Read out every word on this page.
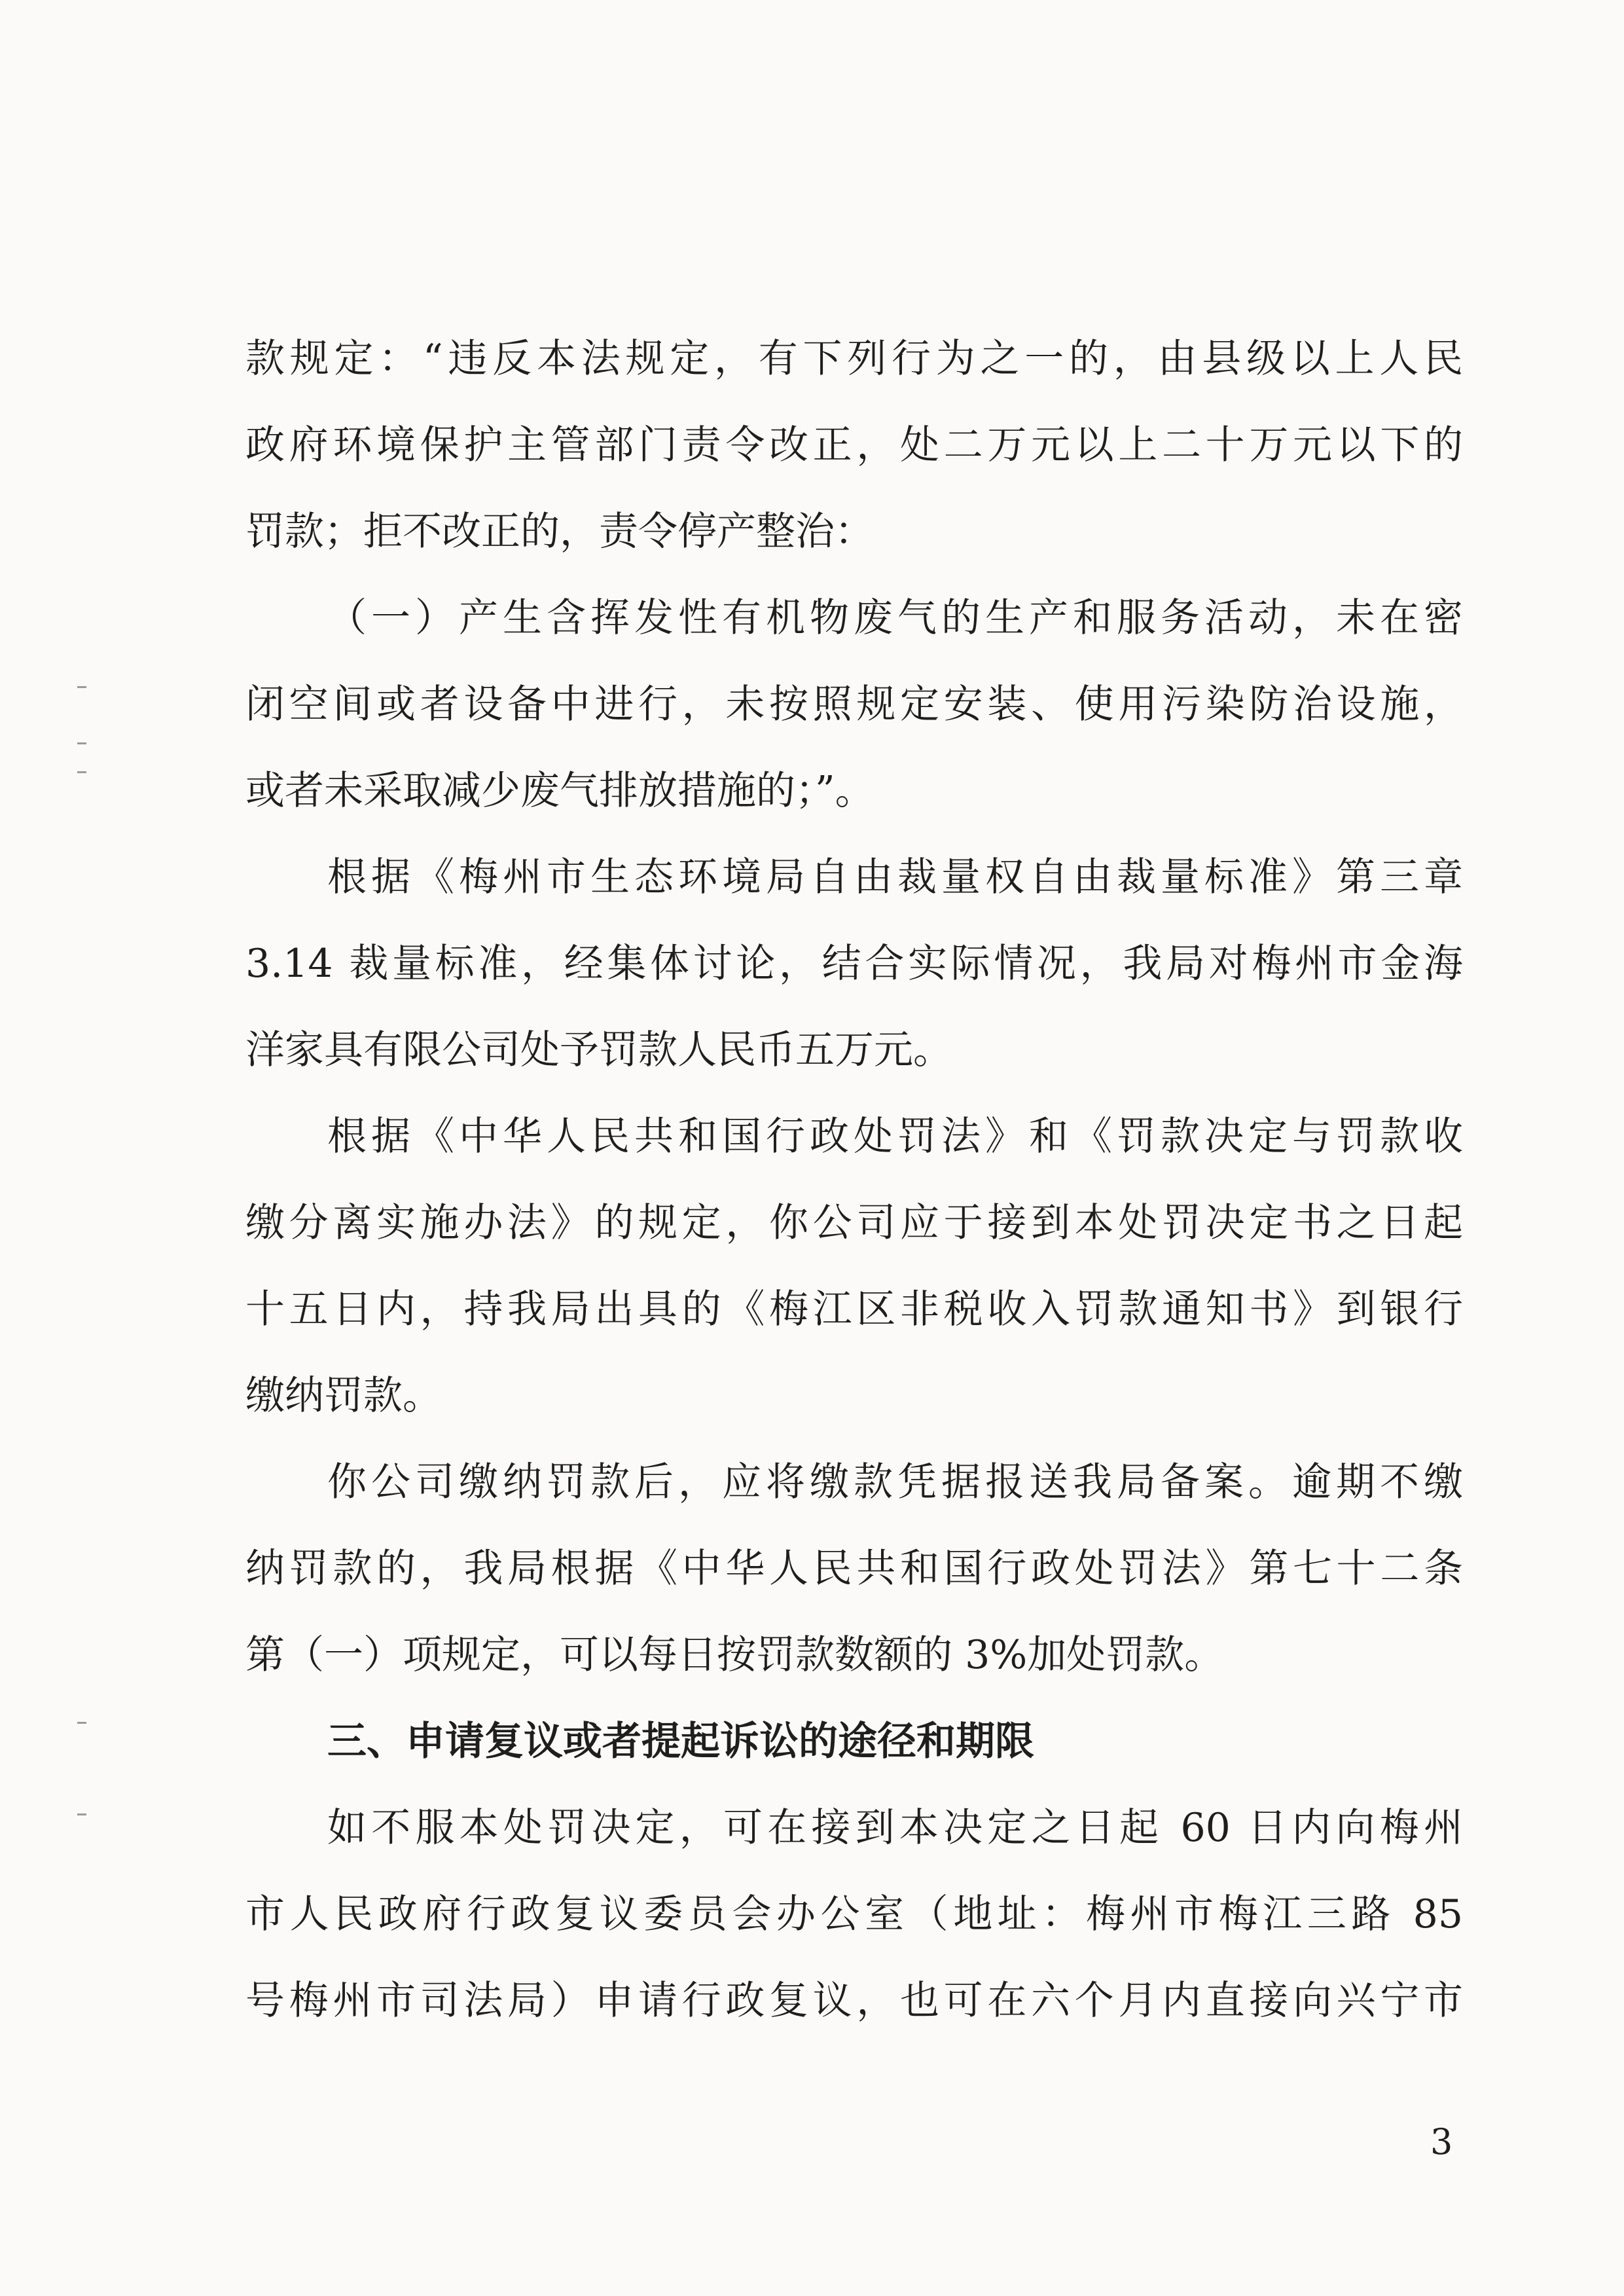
款规定：“违反本法规定，有下列行为之一的，由县级以上人民
政府环境保护主管部门责令改正，处二万元以上二十万元以下的
罚款；拒不改正的，责令停产整治：
（一）产生含挥发性有机物废气的生产和服务活动，未在密
闭空间或者设备中进行，未按照规定安装、使用污染防治设施，
或者未采取减少废气排放措施的；”。
根据《梅州市生态环境局自由裁量权自由裁量标准》第三章
3.14 裁量标准，经集体讨论，结合实际情况，我局对梅州市金海
洋家具有限公司处予罚款人民币五万元。
根据《中华人民共和国行政处罚法》和《罚款决定与罚款收
缴分离实施办法》的规定，你公司应于接到本处罚决定书之日起
十五日内，持我局出具的《梅江区非税收入罚款通知书》到银行
缴纳罚款。
你公司缴纳罚款后，应将缴款凭据报送我局备案。逾期不缴
纳罚款的，我局根据《中华人民共和国行政处罚法》第七十二条
第（一）项规定，可以每日按罚款数额的 3%加处罚款。
三、申请复议或者提起诉讼的途径和期限
如不服本处罚决定，可在接到本决定之日起 60 日内向梅州
市人民政府行政复议委员会办公室（地址：梅州市梅江三路 85
号梅州市司法局）申请行政复议，也可在六个月内直接向兴宁市
3
